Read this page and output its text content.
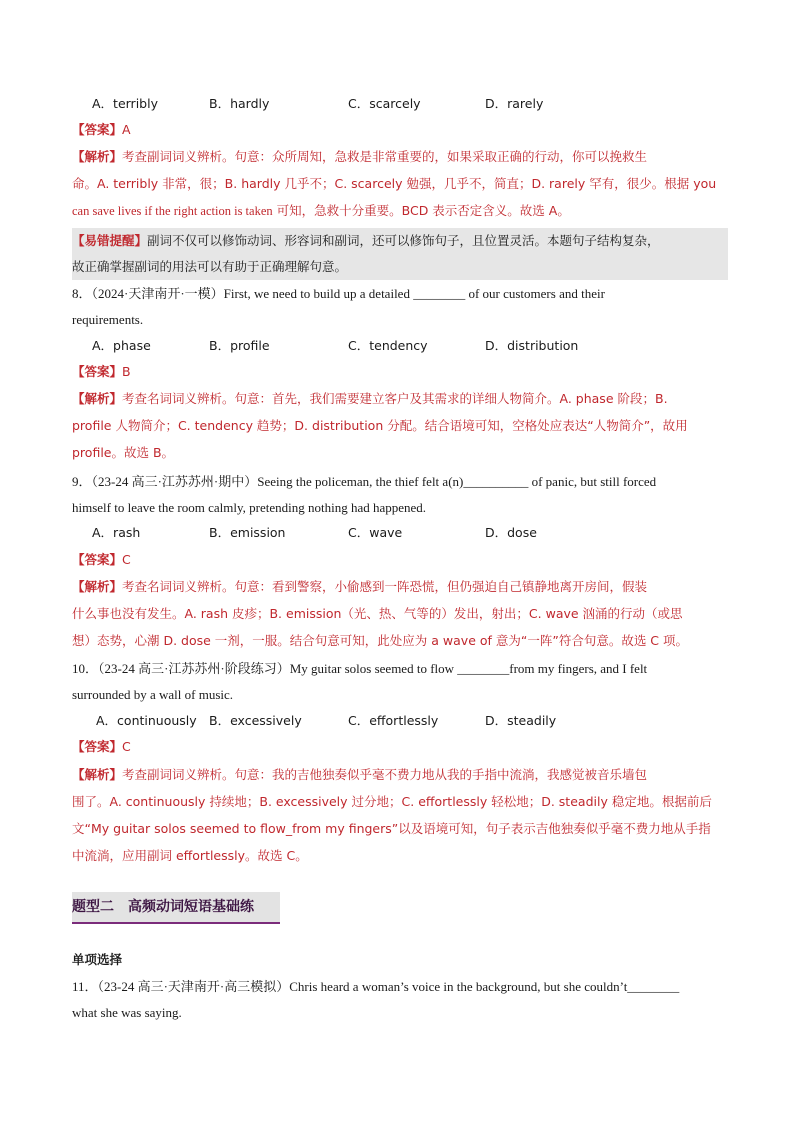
A．terribly	B．hardly	C．scarcely	D．rarely
【答案】A
【解析】考查副词词义辨析。句意：众所周知，急救是非常重要的，如果采取正确的行动，你可以挽救生
命。A. terribly 非常，很；B. hardly 几乎不；C. scarcely 勉强，几乎不，简直；D. rarely 罕有，很少。根据 you
can save lives if the right action is taken 可知，急救十分重要。BCD 表示否定含义。故选 A。
【易错提醒】副词不仅可以修饰动词、形容词和副词，还可以修饰句子，且位置灵活。本题句子结构复杂，
故正确掌握副词的用法可以有助于正确理解句意。
8．（2024·天津南开·一模）First, we need to build up a detailed ________ of our customers and their
requirements.
A．phase	B．profile	C．tendency	D．distribution
【答案】B
【解析】考查名词词义辨析。句意：首先，我们需要建立客户及其需求的详细人物简介。A. phase 阶段；B.
profile 人物简介；C. tendency 趋势；D. distribution 分配。结合语境可知，空格处应表达“人物简介”，故用
profile。故选 B。
9．（23-24 高三·江苏苏州·期中）Seeing the policeman, the thief felt a(n)__________ of panic, but still forced
himself to leave the room calmly, pretending nothing had happened.
A．rash	B．emission	C．wave	D．dose
【答案】C
【解析】考查名词词义辨析。句意：看到警察，小偷感到一阵恐慌，但仍强迫自己镇静地离开房间，假装
什么事也没有发生。A. rash 皮疹；B. emission（光、热、气等的）发出，射出；C. wave 汹涌的行动（或思
想）态势，心潮 D. dose 一剂，一服。结合句意可知，此处应为 a wave of 意为“一阵”符合句意。故选 C 项。
10．（23-24 高三·江苏苏州·阶段练习）My guitar solos seemed to flow ________from my fingers, and I felt
surrounded by a wall of music.
A．continuously B．excessively	C．effortlessly	D．steadily
【答案】C
【解析】考查副词词义辨析。句意：我的吉他独奏似乎毫不费力地从我的手指中流淌，我感觉被音乐墙包
围了。A. continuously 持续地；B. excessively 过分地；C. effortlessly 轻松地；D. steadily 稳定地。根据前后
文“My guitar solos seemed to flow_from my fingers”以及语境可知，句子表示吉他独奏似乎毫不费力地从手指
中流淌，应用副词 effortlessly。故选 C。
题型二　高频动词短语基础练
单项选择
11．（23-24 高三·天津南开·高三模拟）Chris heard a woman’s voice in the background, but she couldn’t________
what she was saying.
